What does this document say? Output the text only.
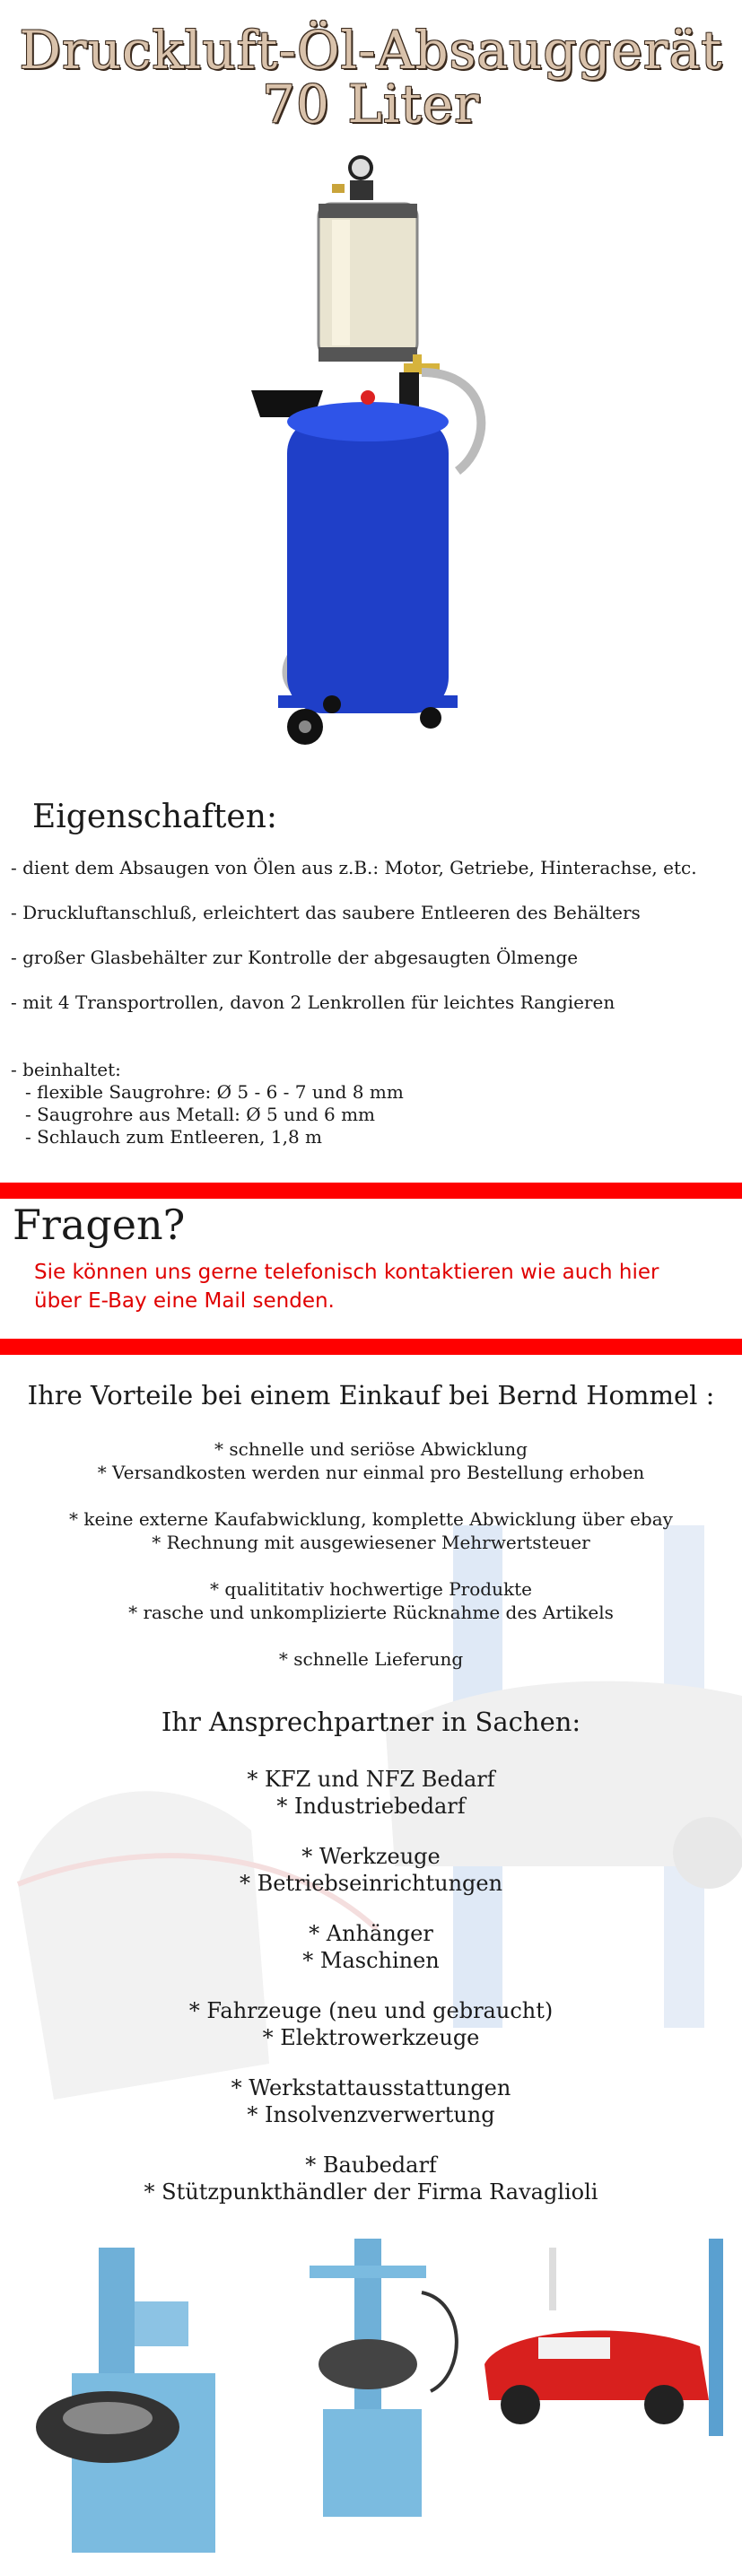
Druckluft-Öl-Absauggerät
70 Liter
Eigenschaften:
- dient dem Absaugen von Ölen aus z.B.: Motor, Getriebe, Hinterachse, etc.
- Druckluftanschluß, erleichtert das saubere Entleeren des Behälters
- großer Glasbehälter zur Kontrolle der abgesaugten Ölmenge
- mit 4 Transportrollen, davon 2 Lenkrollen für leichtes Rangieren
- beinhaltet:
- flexible Saugrohre: Ø 5 - 6 - 7 und 8 mm
- Saugrohre aus Metall: Ø 5 und 6 mm
- Schlauch zum Entleeren, 1,8 m
Fragen?
Sie können uns gerne telefonisch kontaktieren wie auch hier
über E-Bay eine Mail senden.
Ihre Vorteile bei einem Einkauf bei Bernd Hommel :
* schnelle und seriöse Abwicklung
* Versandkosten werden nur einmal pro Bestellung erhoben
* keine externe Kaufabwicklung, komplette Abwicklung über ebay
* Rechnung mit ausgewiesener Mehrwertsteuer
* qualititativ hochwertige Produkte
* rasche und unkomplizierte Rücknahme des Artikels
* schnelle Lieferung
Ihr Ansprechpartner in Sachen:
* KFZ und NFZ Bedarf
* Industriebedarf
* Werkzeuge
* Betriebseinrichtungen
* Anhänger
* Maschinen
* Fahrzeuge (neu und gebraucht)
* Elektrowerkzeuge
* Werkstattausstattungen
* Insolvenzverwertung
* Baubedarf
* Stützpunkthändler der Firma Ravaglioli
